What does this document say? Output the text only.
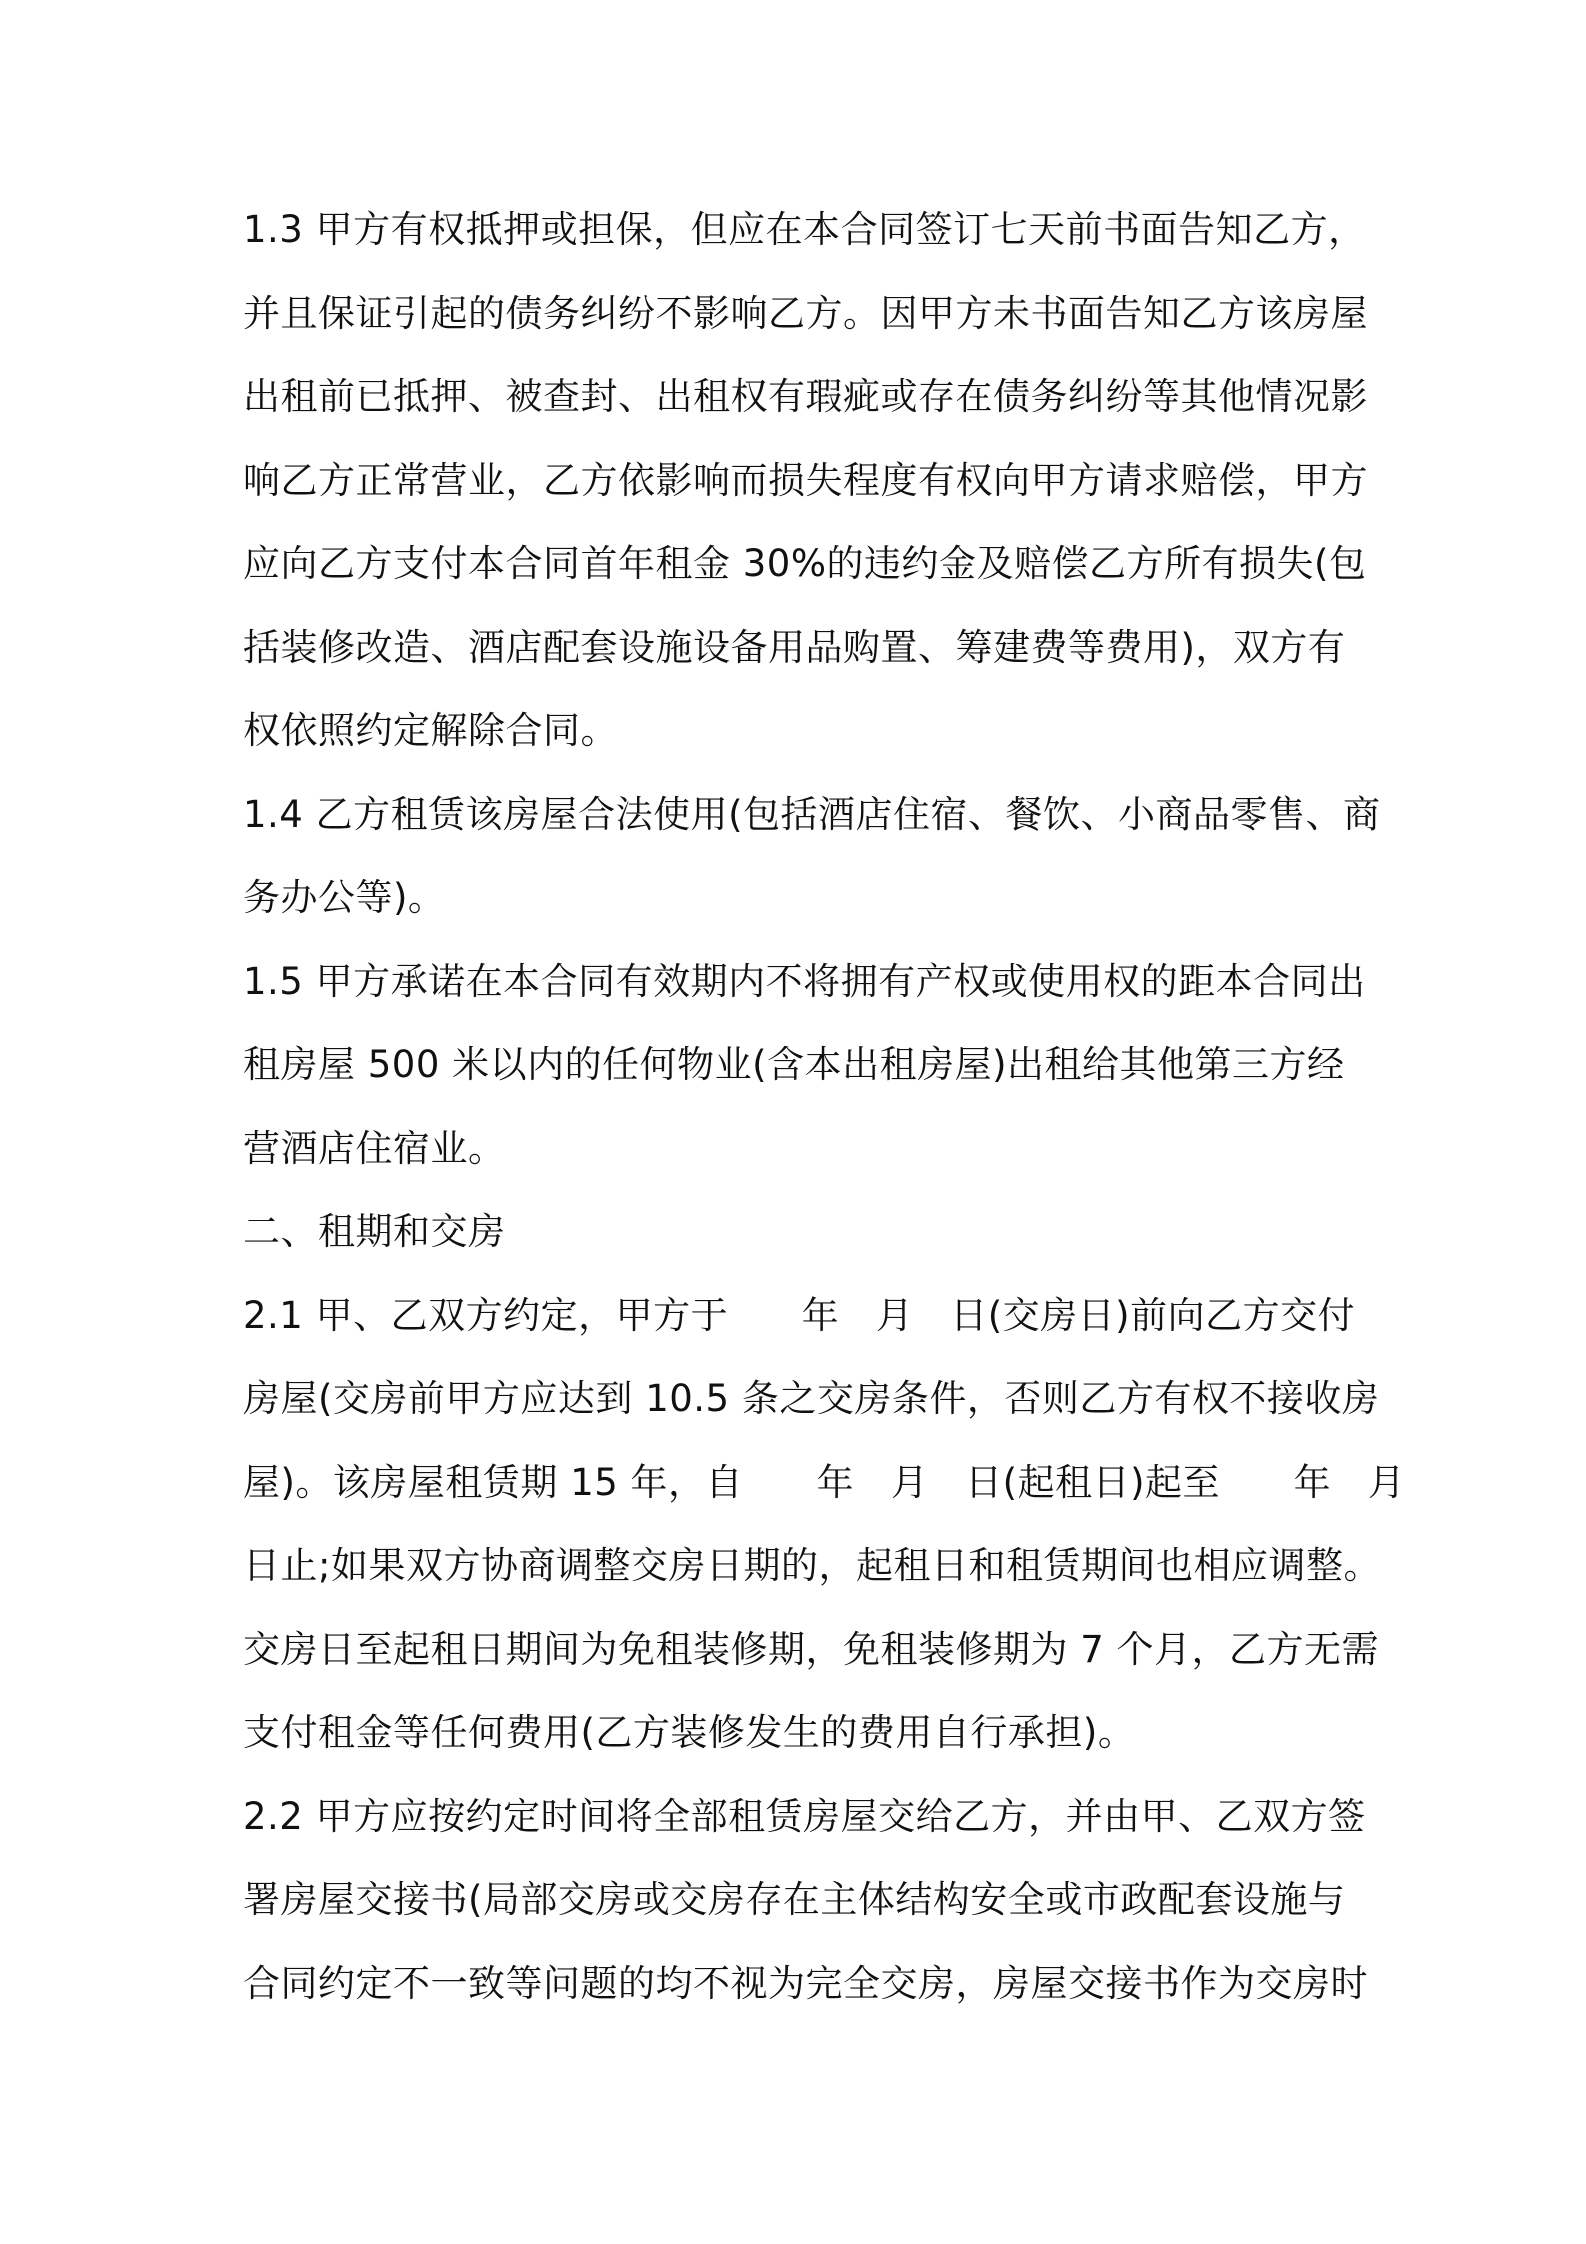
1.3 甲方有权抵押或担保，但应在本合同签订七天前书面告知乙方，
并且保证引起的债务纠纷不影响乙方。因甲方未书面告知乙方该房屋
出租前已抵押、被查封、出租权有瑕疵或存在债务纠纷等其他情况影
响乙方正常营业，乙方依影响而损失程度有权向甲方请求赔偿，甲方
应向乙方支付本合同首年租金 30%的违约金及赔偿乙方所有损失(包
括装修改造、酒店配套设施设备用品购置、筹建费等费用)，双方有
权依照约定解除合同。
1.4 乙方租赁该房屋合法使用(包括酒店住宿、餐饮、小商品零售、商
务办公等)。
1.5 甲方承诺在本合同有效期内不将拥有产权或使用权的距本合同出
租房屋 500 米以内的任何物业(含本出租房屋)出租给其他第三方经
营酒店住宿业。
二、租期和交房
2.1 甲、乙双方约定，甲方于      年   月   日(交房日)前向乙方交付
房屋(交房前甲方应达到 10.5 条之交房条件，否则乙方有权不接收房
屋)。该房屋租赁期 15 年，自      年   月   日(起租日)起至      年   月
日止;如果双方协商调整交房日期的，起租日和租赁期间也相应调整。
交房日至起租日期间为免租装修期，免租装修期为 7 个月，乙方无需
支付租金等任何费用(乙方装修发生的费用自行承担)。
2.2 甲方应按约定时间将全部租赁房屋交给乙方，并由甲、乙双方签
署房屋交接书(局部交房或交房存在主体结构安全或市政配套设施与
合同约定不一致等问题的均不视为完全交房，房屋交接书作为交房时
